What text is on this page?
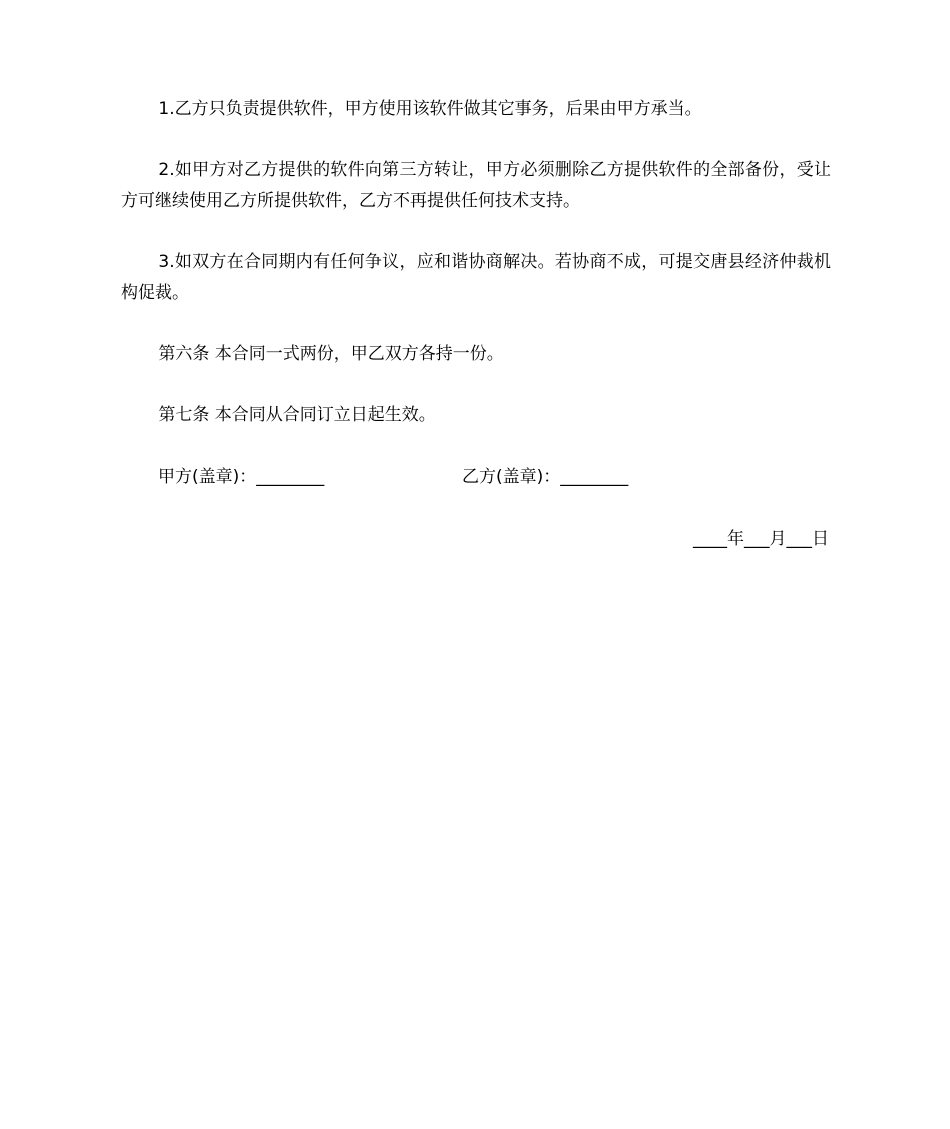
1.乙方只负责提供软件，甲方使用该软件做其它事务，后果由甲方承当。

2.如甲方对乙方提供的软件向第三方转让，甲方必须删除乙方提供软件的全部备份，受让方可继续使用乙方所提供软件，乙方不再提供任何技术支持。

3.如双方在合同期内有任何争议，应和谐协商解决。若协商不成，可提交唐县经济仲裁机构促裁。

第六条 本合同一式两份，甲乙双方各持一份。

第七条 本合同从合同订立日起生效。

甲方(盖章)：________	乙方(盖章)：________
____年___月___日
